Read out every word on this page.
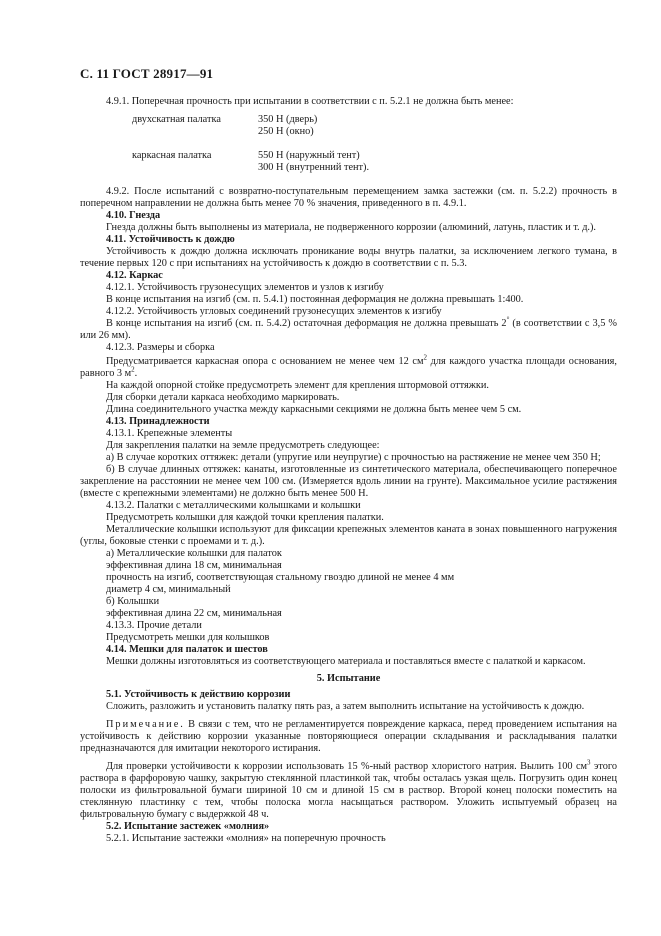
С. 11 ГОСТ 28917—91

4.9.1. Поперечная прочность при испытании в соответствии с п. 5.2.1 не должна быть менее:

двухскатная палатка	350 Н (дверь)
250 Н (окно)
каркасная палатка	550 Н (наружный тент)
300 Н (внутренний тент).

4.9.2. После испытаний с возвратно-поступательным перемещением замка застежки (см. п. 5.2.2) прочность в поперечном направлении не должна быть менее 70 % значения, приведенного в п. 4.9.1.

4.10. Гнезда

Гнезда должны быть выполнены из материала, не подверженного коррозии (алюминий, латунь, пластик и т. д.).

4.11. Устойчивость к дождю

Устойчивость к дождю должна исключать проникание воды внутрь палатки, за исключением легкого тумана, в течение первых 120 с при испытаниях на устойчивость к дождю в соответствии с п. 5.3.

4.12. Каркас

4.12.1. Устойчивость грузонесущих элементов и узлов к изгибу

В конце испытания на изгиб (см. п. 5.4.1) постоянная деформация не должна превышать 1:400.

4.12.2. Устойчивость угловых соединений грузонесущих элементов к изгибу

В конце испытания на изгиб (см. п. 5.4.2) остаточная деформация не должна превышать 2° (в соответствии с 3,5 % или 26 мм).

4.12.3. Размеры и сборка

Предусматривается каркасная опора с основанием не менее чем 12 $см^2$ для каждого участка площади основания, равного 3 $м^2$.

На каждой опорной стойке предусмотреть элемент для крепления штормовой оттяжки.

Для сборки детали каркаса необходимо маркировать.

Длина соединительного участка между каркасными секциями не должна быть менее чем 5 см.

4.13. Принадлежности

4.13.1. Крепежные элементы

Для закрепления палатки на земле предусмотреть следующее:

а) В случае коротких оттяжек: детали (упругие или неупругие) с прочностью на растяжение не менее чем 350 Н;

б) В случае длинных оттяжек: канаты, изготовленные из синтетического материала, обеспечивающего поперечное закрепление на расстоянии не менее чем 100 см. (Измеряется вдоль линии на грунте). Максимальное усилие растяжения (вместе с крепежными элементами) не должно быть менее 500 Н.

4.13.2. Палатки с металлическими колышками и колышки

Предусмотреть колышки для каждой точки крепления палатки.

Металлические колышки используют для фиксации крепежных элементов каната в зонах повышенного нагружения (углы, боковые стенки с проемами и т. д.).

а) Металлические колышки для палаток

эффективная длина 18 см, минимальная

прочность на изгиб, соответствующая стальному гвоздю длиной не менее 4 мм

диаметр 4 см, минимальный

б) Колышки

эффективная длина 22 см, минимальная

4.13.3. Прочие детали

Предусмотреть мешки для колышков

4.14. Мешки для палаток и шестов

Мешки должны изготовляться из соответствующего материала и поставляться вместе с палаткой и каркасом.

5. Испытание
5.1. Устойчивость к действию коррозии

Сложить, разложить и установить палатку пять раз, а затем выполнить испытание на устойчивость к дождю.

Примечание. В связи с тем, что не регламентируется повреждение каркаса, перед проведением испытания на устойчивость к действию коррозии указанные повторяющиеся операции складывания и раскладывания палатки предназначаются для имитации некоторого истирания.

Для проверки устойчивости к коррозии использовать 15 %-ный раствор хлористого натрия. Вылить 100 $см^3$ этого раствора в фарфоровую чашку, закрытую стеклянной пластинкой так, чтобы осталась узкая щель. Погрузить один конец полоски из фильтровальной бумаги шириной 10 см и длиной 15 см в раствор. Второй конец полоски поместить на стеклянную пластинку с тем, чтобы полоска могла насыщаться раствором. Уложить испытуемый образец на фильтровальную бумагу с выдержкой 48 ч.

5.2. Испытание застежек «молния»

5.2.1. Испытание застежки «молния» на поперечную прочность
